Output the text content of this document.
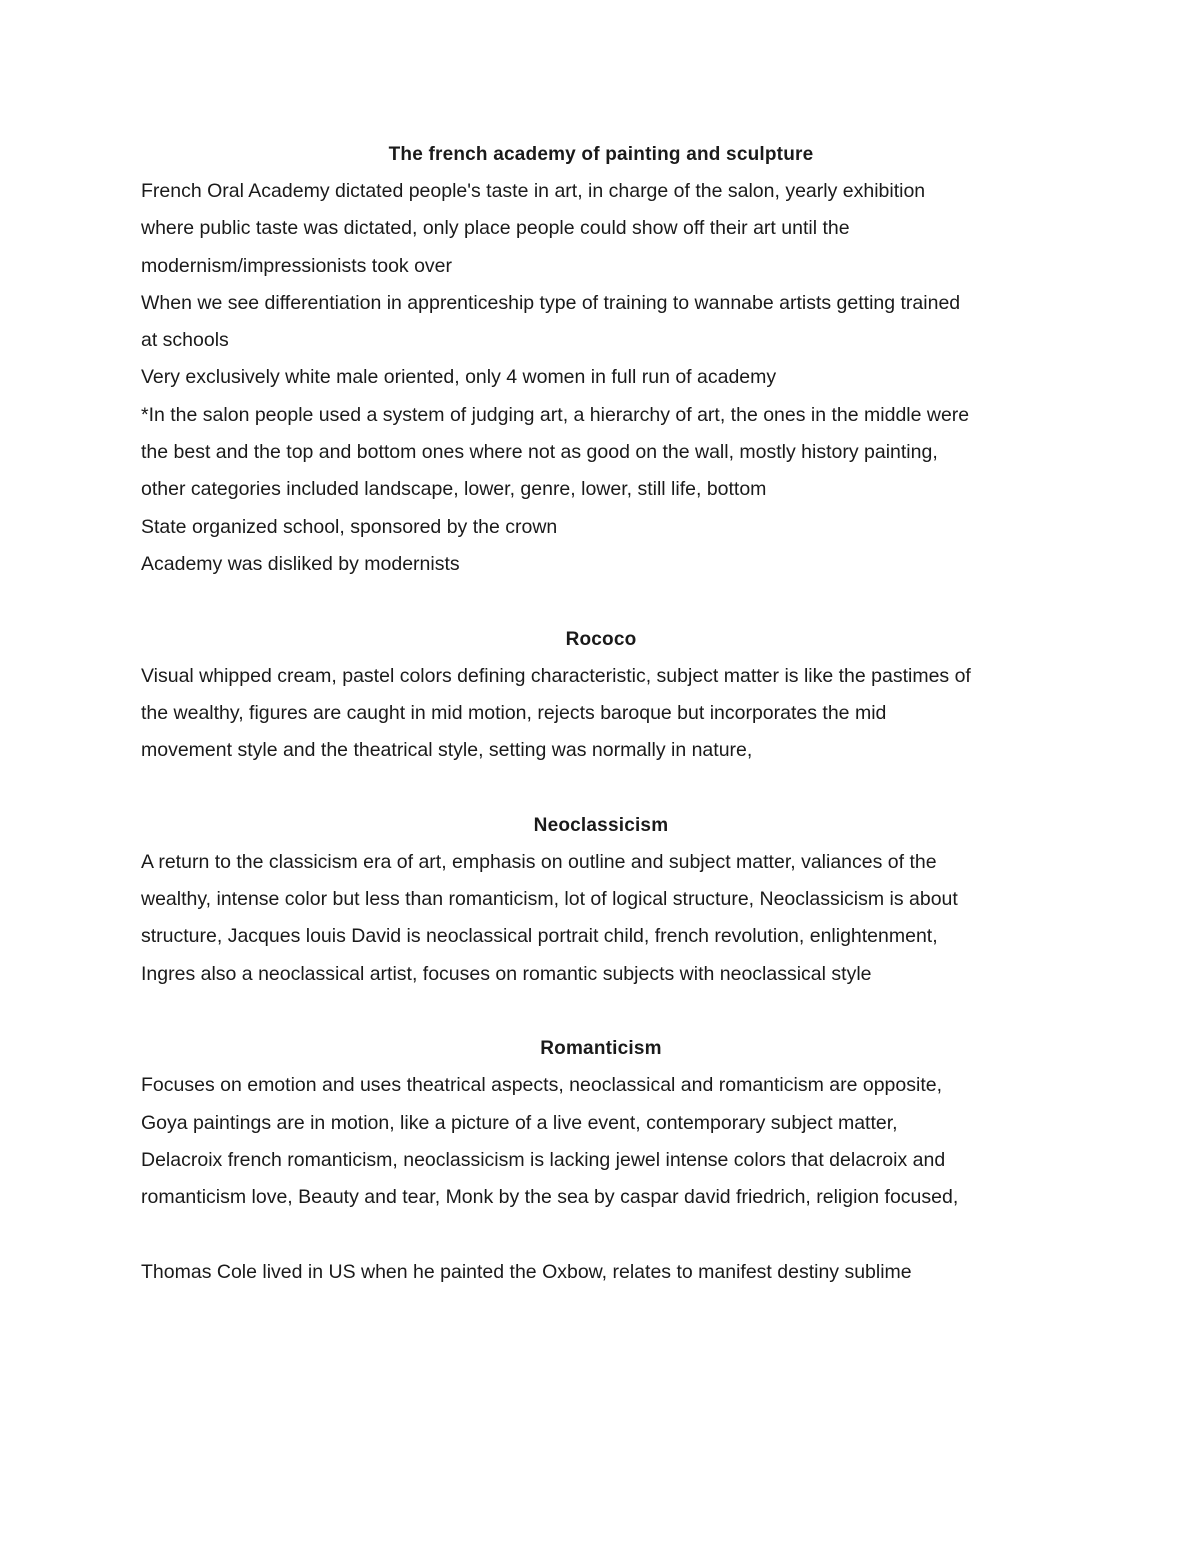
The french academy of painting and sculpture

French Oral Academy dictated people's taste in art, in charge of the salon, yearly exhibition
where public taste was dictated, only place people could show off their art until the
modernism/impressionists took over
When we see differentiation in apprenticeship type of training to wannabe artists getting trained
at schools
Very exclusively white male oriented, only 4 women in full run of academy
*In the salon people used a system of judging art, a hierarchy of art, the ones in the middle were
the best and the top and bottom ones where not as good on the wall, mostly history painting,
other categories included landscape, lower, genre, lower, still life, bottom
State organized school, sponsored by the crown
Academy was disliked by modernists

Rococo

Visual whipped cream, pastel colors defining characteristic, subject matter is like the pastimes of
the wealthy, figures are caught in mid motion, rejects baroque but incorporates the mid
movement style and the theatrical style, setting was normally in nature,

Neoclassicism

A return to the classicism era of art, emphasis on outline and subject matter, valiances of the
wealthy, intense color but less than romanticism, lot of logical structure, Neoclassicism is about
structure, Jacques louis David is neoclassical portrait child, french revolution, enlightenment,
Ingres also a neoclassical artist, focuses on romantic subjects with neoclassical style

Romanticism

Focuses on emotion and uses theatrical aspects, neoclassical and romanticism are opposite,
Goya paintings are in motion, like a picture of a live event, contemporary subject matter,
Delacroix french romanticism, neoclassicism is lacking jewel intense colors that delacroix and
romanticism love, Beauty and tear, Monk by the sea by caspar david friedrich, religion focused,

Thomas Cole lived in US when he painted the Oxbow, relates to manifest destiny sublime
